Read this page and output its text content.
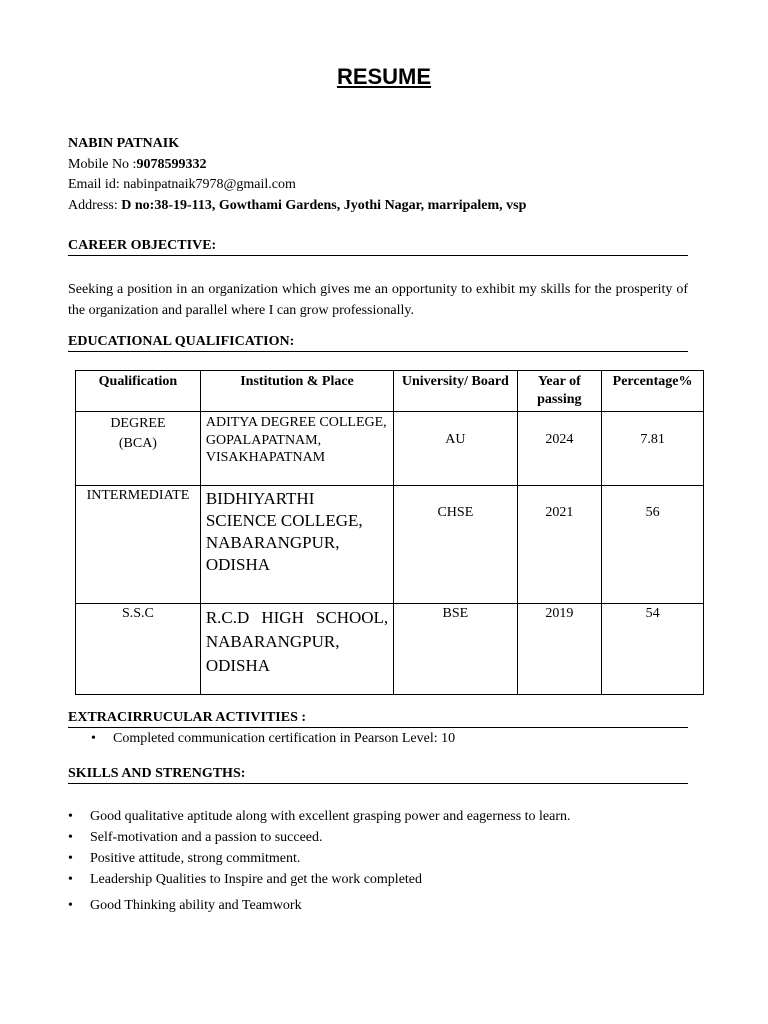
RESUME
NABIN PATNAIK
Mobile No :9078599332
Email id: nabinpatnaik7978@gmail.com
Address: D no:38-19-113, Gowthami Gardens, Jyothi Nagar, marripalem, vsp
CAREER OBJECTIVE:
Seeking a position in an organization which gives me an opportunity to exhibit my skills for the prosperity of the organization and parallel where I can grow professionally.
EDUCATIONAL QUALIFICATION:
Qualification	Institution & Place	University/ Board	Year of passing	Percentage%

DEGREE
(BCA)	ADITYA DEGREE COLLEGE, GOPALAPATNAM, VISAKHAPATNAM	AU	2024	7.81

INTERMEDIATE	BIDHIYARTHI SCIENCE COLLEGE, NABARANGPUR, ODISHA	CHSE	2021	56

S.S.C	R.C.D HIGH SCHOOL, NABARANGPUR, ODISHA	BSE	2019	54
EXTRACIRRUCULAR ACTIVITIES :
• Completed communication certification in Pearson Level: 10
SKILLS AND STRENGTHS:
• Good qualitative aptitude along with excellent grasping power and eagerness to learn.
• Self-motivation and a passion to succeed.
• Positive attitude, strong commitment.
• Leadership Qualities to Inspire and get the work completed
• Good Thinking ability and Teamwork
